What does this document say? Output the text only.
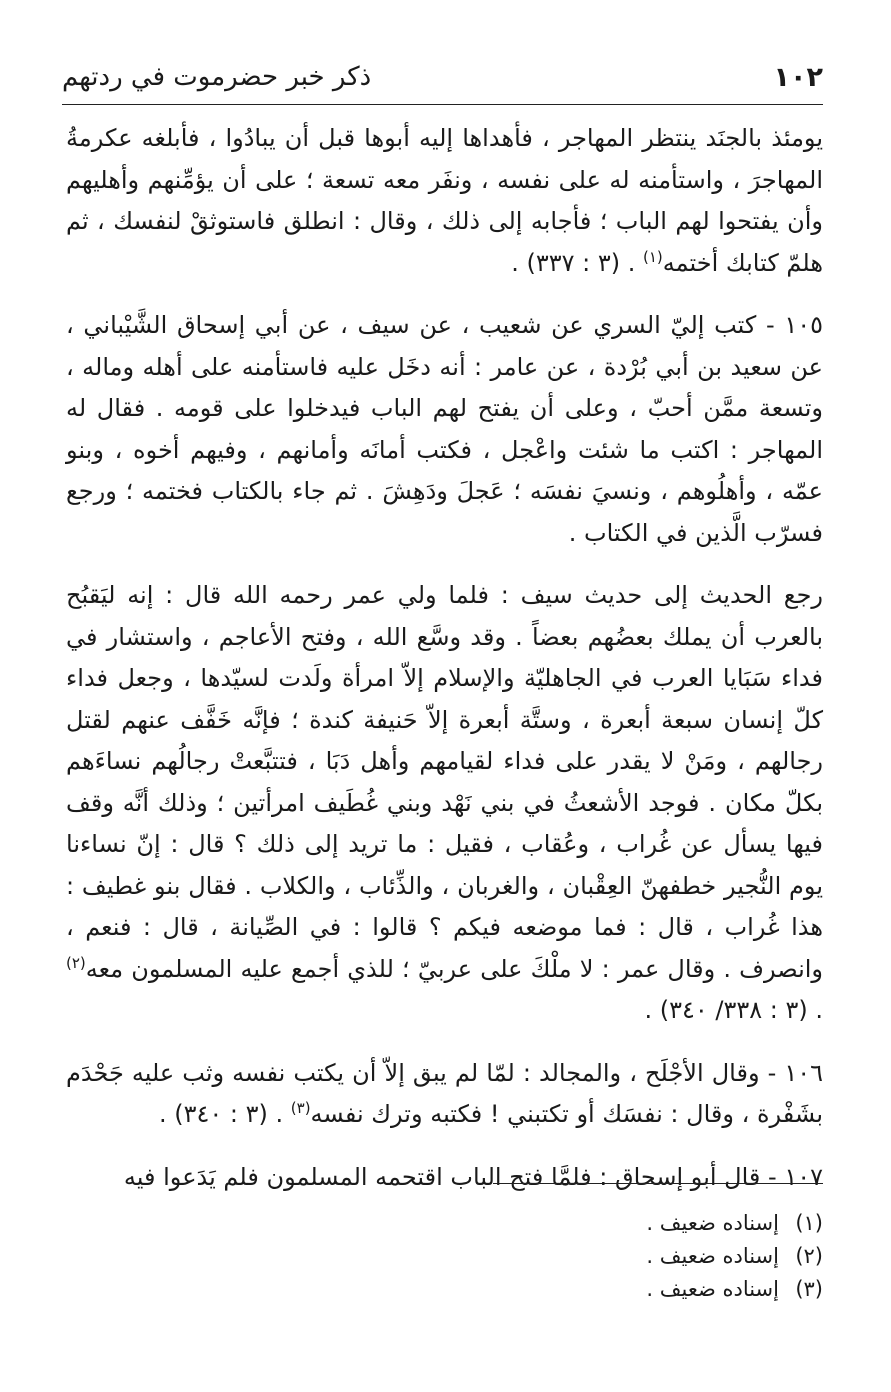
١٠٢
ذكر خبر حضرموت في ردتهم

يومئذ بالجنَد ينتظر المهاجر ، فأهداها إليه أبوها قبل أن يبادُوا ، فأبلغه عكرمةُ المهاجرَ ، واستأمنه له على نفسه ، ونفَر معه تسعة ؛ على أن يؤمِّنهم وأهليهم وأن يفتحوا لهم الباب ؛ فأجابه إلى ذلك ، وقال : انطلق فاستوثقْ لنفسك ، ثم هلمّ كتابك أختمه$^{(١)}$ . (٣ : ٣٣٧) .

١٠٥ - كتب إليّ السري عن شعيب ، عن سيف ، عن أبي إسحاق الشَّيْباني ، عن سعيد بن أبي بُرْدة ، عن عامر : أنه دخَل عليه فاستأمنه على أهله وماله ، وتسعة ممَّن أحبّ ، وعلى أن يفتح لهم الباب فيدخلوا على قومه . فقال له المهاجر : اكتب ما شئت واعْجل ، فكتب أمانَه وأمانهم ، وفيهم أخوه ، وبنو عمّه ، وأهلُوهم ، ونسيَ نفسَه ؛ عَجلَ ودَهِشَ . ثم جاء بالكتاب فختمه ؛ ورجع فسرّب الَّذين في الكتاب .

رجع الحديث إلى حديث سيف : فلما ولي عمر رحمه الله قال : إنه ليَقبُح بالعرب أن يملك بعضُهم بعضاً . وقد وسَّع الله ، وفتح الأعاجم ، واستشار في فداء سَبَايا العرب في الجاهليّة والإسلام إلاّ امرأة ولَدت لسيّدها ، وجعل فداء كلّ إنسان سبعة أبعرة ، وستَّة أبعرة إلاّ حَنيفة كندة ؛ فإنَّه خَفَّف عنهم لقتل رجالهم ، ومَنْ لا يقدر على فداء لقيامهم وأهل دَبَا ، فتتبَّعتْ رجالُهم نساءَهم بكلّ مكان . فوجد الأشعثُ في بني نَهْد وبني غُطَيف امرأتين ؛ وذلك أنَّه وقف فيها يسأل عن غُراب ، وعُقاب ، فقيل : ما تريد إلى ذلك ؟ قال : إنّ نساءنا يوم النُّجير خطفهنّ العِقْبان ، والغربان ، والذِّئاب ، والكلاب . فقال بنو غطيف : هذا غُراب ، قال : فما موضعه فيكم ؟ قالوا : في الصِّيانة ، قال : فنعم ، وانصرف . وقال عمر : لا ملْكَ على عربيّ ؛ للذي أجمع عليه المسلمون معه$^{(٢)}$ . (٣ : ٣٣٨/ ٣٤٠) .

١٠٦ - وقال الأجْلَح ، والمجالد : لمّا لم يبق إلاّ أن يكتب نفسه وثب عليه جَحْدَم بشَفْرة ، وقال : نفسَك أو تكتبني ! فكتبه وترك نفسه$^{(٣)}$ . (٣ : ٣٤٠) .

١٠٧ - قال أبو إسحاق : فلمَّا فتح الباب اقتحمه المسلمون فلم يَدَعوا فيه

(١)إسناده ضعيف .
(٢)إسناده ضعيف .
(٣)إسناده ضعيف .
